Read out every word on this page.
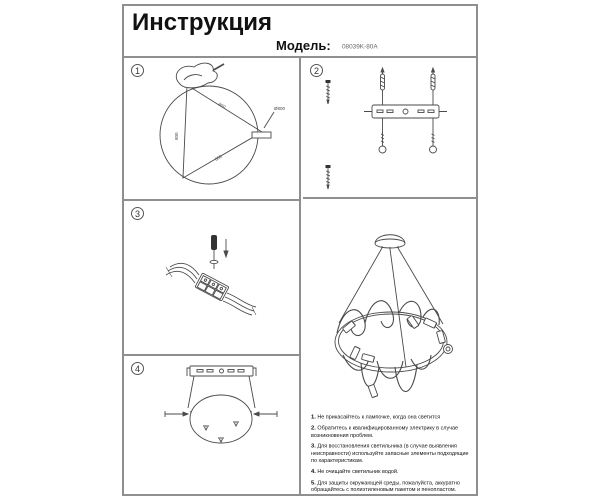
Инструкция
Модель: 08039K-80A
1
Ø800
800
800
800
3
4
2
1. Не прикасайтесь к лампочке, когда она светится
2. Обратитесь к квалифицированному электрику в случае возникновения проблем.
3. Для восстановления светильника (в случае выявления неисправности) используйте запасные элементы подходящие по характеристикам.
4. Не очищайте светильник водой.
5. Для защиты окружающей среды, пожалуйста, аккуратно обращайтесь с полиэтиленовым пакетом и пенопластом.
